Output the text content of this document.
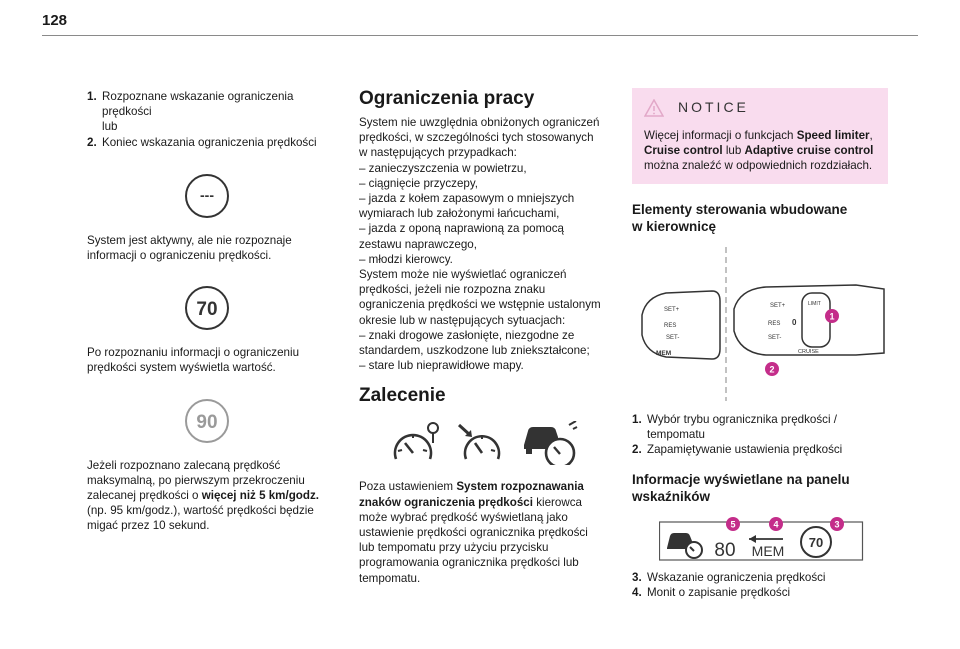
128
1. Rozpoznane wskazanie ograniczenia
prędkości
lub
2. Koniec wskazania ograniczenia prędkości
---
System jest aktywny, ale nie rozpoznaje
informacji o ograniczeniu prędkości.
70
Po rozpoznaniu informacji o ograniczeniu
prędkości system wyświetla wartość.
90
Jeżeli rozpoznano zalecaną prędkość
maksymalną, po pierwszym przekroczeniu
zalecanej prędkości o więcej niż 5 km/godz.
(np. 95 km/godz.), wartość prędkości będzie
migać przez 10 sekund.
Ograniczenia pracy
System nie uwzględnia obniżonych ograniczeń
prędkości, w szczególności tych stosowanych
w następujących przypadkach:
– zanieczyszczenia w powietrzu,
– ciągnięcie przyczepy,
– jazda z kołem zapasowym o mniejszych
wymiarach lub założonymi łańcuchami,
– jazda z oponą naprawioną za pomocą
zestawu naprawczego,
– młodzi kierowcy.
System może nie wyświetlać ograniczeń
prędkości, jeżeli nie rozpozna znaku
ograniczenia prędkości we wstępnie ustalonym
okresie lub w następujących sytuacjach:
– znaki drogowe zasłonięte, niezgodne ze
standardem, uszkodzone lub zniekształcone;
– stare lub nieprawidłowe mapy.
Zalecenie
Poza ustawieniem System rozpoznawania
znaków ograniczenia prędkości kierowca
może wybrać prędkość wyświetlaną jako
ustawienie prędkości ogranicznika prędkości
lub tempomatu przy użyciu przycisku
programowania ogranicznika prędkości lub
tempomatu.
NOTICE
Więcej informacji o funkcjach Speed limiter,
Cruise control lub Adaptive cruise control
można znaleźć w odpowiednich rozdziałach.
Elementy sterowania wbudowane
w kierownicę
SET+
RES
SET-
MEM
LIMIT
SET+
RES
SET-
CRUISE
0
1
2
1. Wybór trybu ogranicznika prędkości /
tempomatu
2. Zapamiętywanie ustawienia prędkości
Informacje wyświetlane na panelu
wskaźników
80 MEM
70
5	4	3
3. Wskazanie ograniczenia prędkości
4. Monit o zapisanie prędkości
